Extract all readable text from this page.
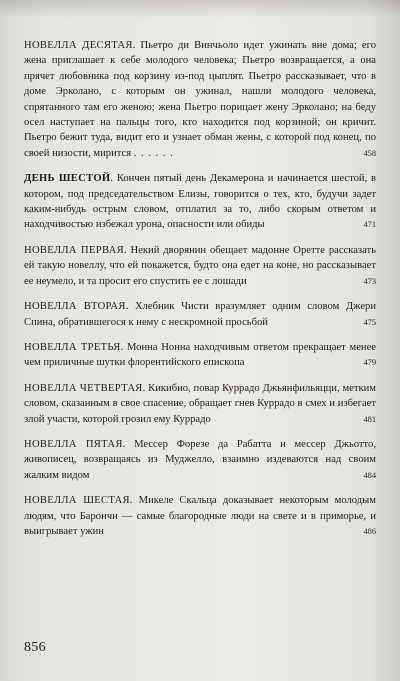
НОВЕЛЛА ДЕСЯТАЯ. Пьетро ди Винчьоло идет ужинать вне дома; его жена приглашает к себе молодого человека; Пьетро возвращается, а она прячет любовника под корзину из-под цыплят. Пьетро рассказывает, что в доме Эрколано, с которым он ужинал, нашли молодого человека, спрятанного там его женою; жена Пьетро порицает жену Эрколано; на беду осел наступает на пальцы того, кто находится под корзиной; он кричит. Пьетро бежит туда, видит его и узнает обман жены, с которой под конец, по своей низости, мирится . . . . . .	458
ДЕНЬ ШЕСТОЙ. Кончен пятый день Декамерона и начинается шестой, в котором, под председательством Елизы, говорится о тех, кто, будучи задет каким-нибудь острым словом, отплатил за то, либо скорым ответом и находчивостью избежал урона, опасности или обиды	471
НОВЕЛЛА ПЕРВАЯ. Некий дворянин обещает мадонне Оретте рассказать ей такую новеллу, что ей покажется, будто она едет на коне, но рассказывает ее неумело, и та просит его спустить ее с лошади	473
НОВЕЛЛА ВТОРАЯ. Хлебник Чисти вразумляет одним словом Джери Спина, обратившегося к нему с нескромной просьбой	475
НОВЕЛЛА ТРЕТЬЯ. Монна Нонна находчивым ответом прекращает менее чем приличные шутки флорентийского епископа	479
НОВЕЛЛА ЧЕТВЕРТАЯ. Кикибио, повар Куррадо Джьянфильяцци, метким словом, сказанным в свое спасение, обращает гнев Куррадо в смех и избегает злой участи, которой грозил ему Куррадо	481
НОВЕЛЛА ПЯТАЯ. Мессер Форезе да Рабатта и мессер Джьотто, живописец, возвращаясь из Муджелло, взаимно издеваются над своим жалким видом	484
НОВЕЛЛА ШЕСТАЯ. Микеле Скальца доказывает некоторым молодым людям, что Барончи — самые благородные люди на свете и в приморье, и выигрывает ужин	486
856
